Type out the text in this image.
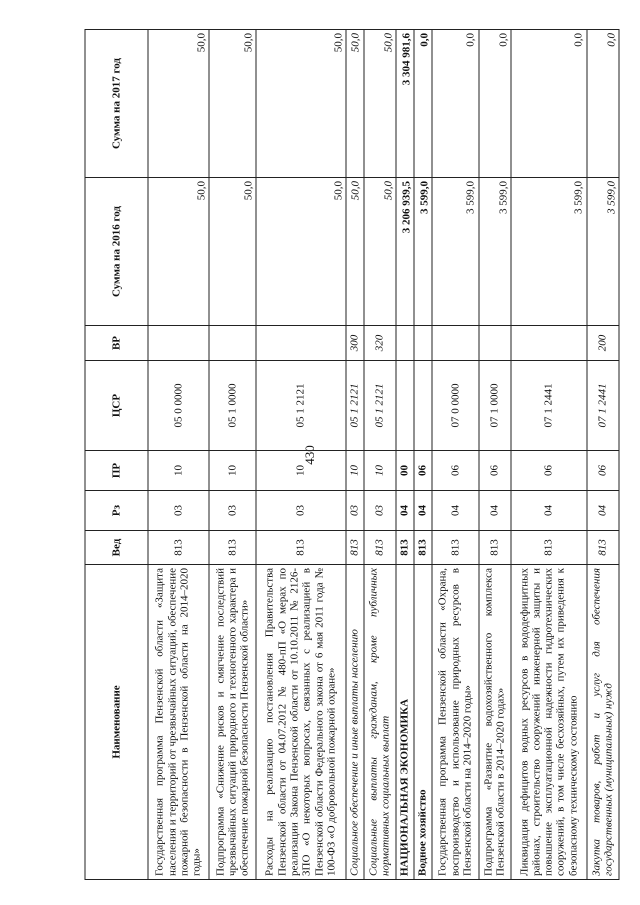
430
Наименование	Вед	Рз	ПР	ЦСР	ВР	Сумма на 2016 год	Сумма на 2017 год
Государственная программа Пензенской области «Защита населения и территорий от чрезвычайных ситуаций, обеспечение пожарной безопасности в Пензенской области на 2014–2020 годы»	813	03	10	05 0 0000		50,0	50,0
Подпрограмма «Снижение рисков и смягчение последствий чрезвычайных ситуаций природного и техногенного характера и обеспечение пожарной безопасности Пензенской области»	813	03	10	05 1 0000		50,0	50,0
Расходы на реализацию постановления Правительства Пензенской области от 04.07.2012 № 480-пП «О мерах по реализации Закона Пензенской области от 10.10.2011 № 2126-ЗПО «О некоторых вопросах, связанных с реализацией в Пензенской области Федерального закона от 6 мая 2011 года № 100-ФЗ «О добровольной пожарной охране»	813	03	10	05 1 2121		50,0	50,0
Социальное обеспечение и иные выплаты населению	813	03	10	05 1 2121	300	50,0	50,0
Социальные выплаты гражданам, кроме публичных нормативных социальных выплат	813	03	10	05 1 2121	320	50,0	50,0
НАЦИОНАЛЬНАЯ ЭКОНОМИКА	813	04	00			3 206 939,5	3 304 981,6
Водное хозяйство	813	04	06			3 599,0	0,0
Государственная программа Пензенской области «Охрана, воспроизводство и использование природных ресурсов в Пензенской области на 2014–2020 годы»	813	04	06	07 0 0000		3 599,0	0,0
Подпрограмма «Развитие водохозяйственного комплекса Пензенской области в 2014–2020 годах»	813	04	06	07 1 0000		3 599,0	0,0
Ликвидация дефицитов водных ресурсов в вододефицитных районах, строительство сооружений инженерной защиты и повышение эксплуатационной надежности гидротехнических сооружений, в том числе бесхозяйных, путем их приведения к безопасному техническому состоянию	813	04	06	07 1 2441		3 599,0	0,0
Закупка товаров, работ и услуг для обеспечения государственных (муниципальных) нужд	813	04	06	07 1 2441	200	3 599,0	0,0
